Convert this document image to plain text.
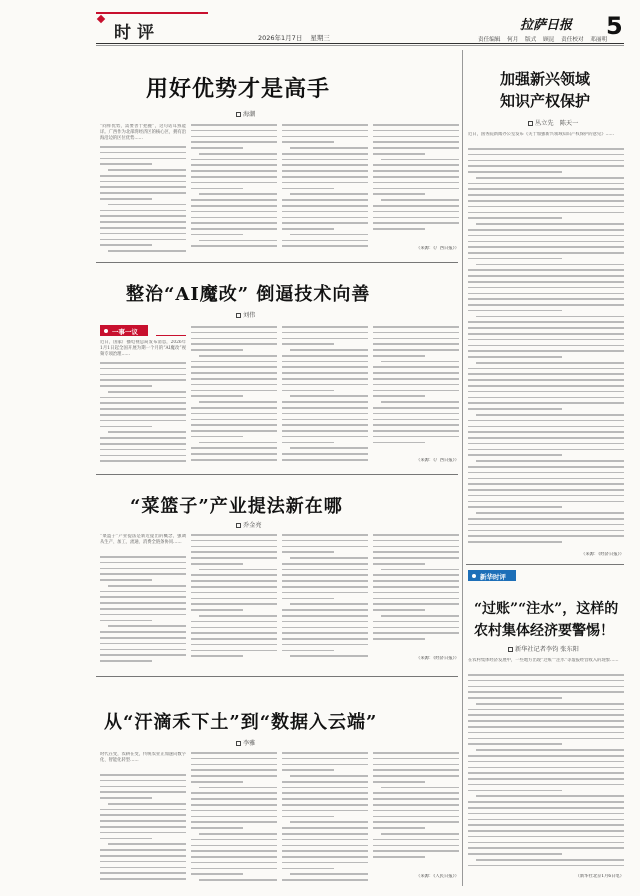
时评	2026年1月7日 星期三
拉萨日报 5
责任编辑 何月 版式 顾昆 责任校对 邓丽明
用好优势才是高手
海潮
“同样优势，需要善于把握”，这句话耳熟能详。广西作为北部湾经济区的核心区，拥有沿海沿边的区位优势……
（来源：《广西日报》）
整治“AI魔改” 倒逼技术向善
刘伟
一事一议
近日，国家广播电视总局发布消息，2026年1月1日起全国开展为期一个月的“AI魔改”视频专项治理……
（来源：《广西日报》）
“菜篮子”产业提法新在哪
乔金亮
“菜篮子”产业提法是新近提出的概念，强调从生产、加工、流通、消费全链条协同……
（来源：《经济日报》）
从“汗滴禾下土”到“数据入云端”
李雅
时代在变，农耕在变，传统农业正加速向数字化、智能化转型……
（来源：《人民日报》）
加强新兴领域
知识产权保护
丛立先　陈天一
近日，国务院新闻办公室发布《关于加强新兴领域知识产权保护的意见》……
（来源：《经济日报》）
新华时评
“过账”“注水”，这样的
农村集体经济要警惕！
新华社记者李钧 张东阳
在农村集体经济发展中，一些地方出现“过账”“注水”等虚报经营收入的现象……
（新华社北京1月6日电）
